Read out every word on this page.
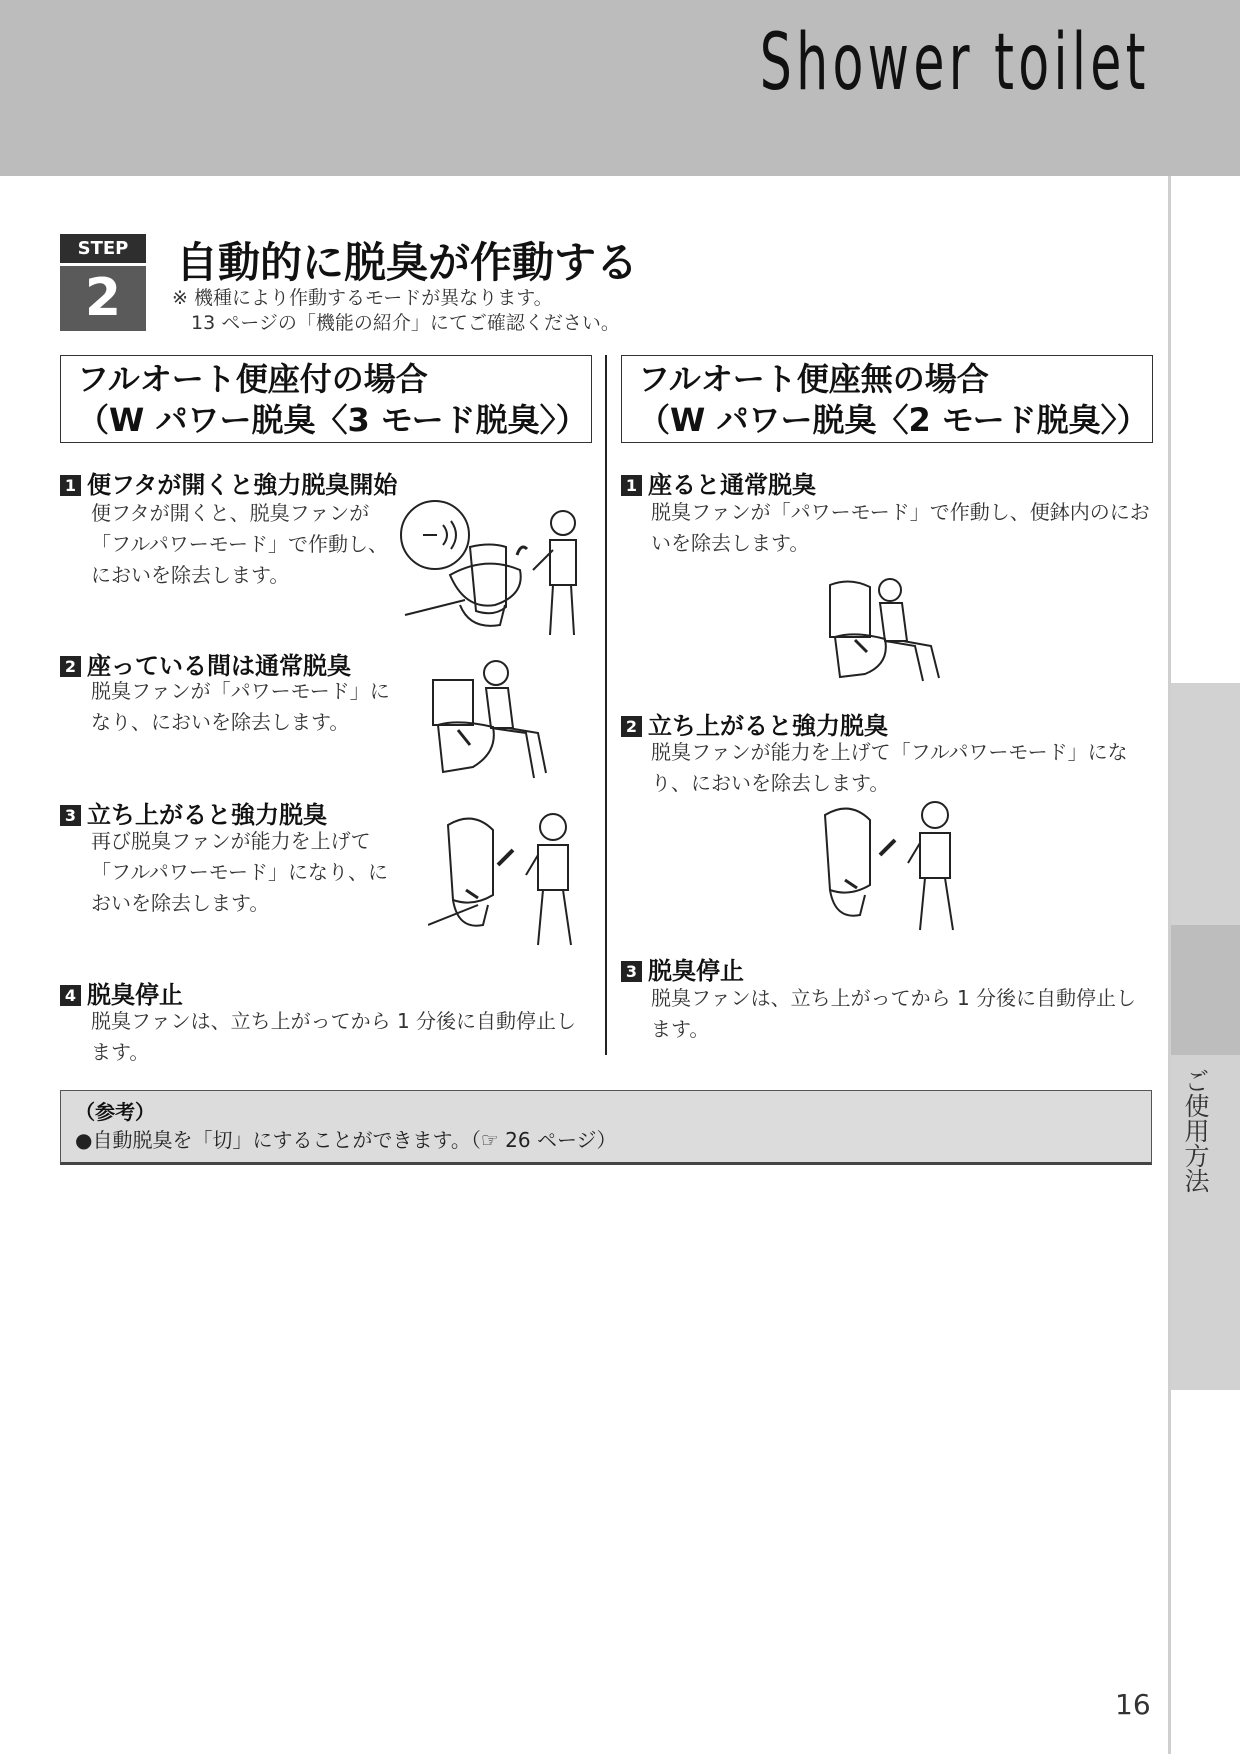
Shower toilet
ご使用方法
STEP
2
自動的に脱臭が作動する
※ 機種により作動するモードが異なります。
　13 ページの「機能の紹介」にてご確認ください。
フルオート便座付の場合
（W パワー脱臭〈3 モード脱臭〉）
1 便フタが開くと強力脱臭開始
便フタが開くと、脱臭ファンが「フルパワーモード」で作動し、においを除去します。
2 座っている間は通常脱臭
脱臭ファンが「パワーモード」になり、においを除去します。
3 立ち上がると強力脱臭
再び脱臭ファンが能力を上げて「フルパワーモード」になり、においを除去します。
4 脱臭停止
脱臭ファンは、立ち上がってから 1 分後に自動停止します。
フルオート便座無の場合
（W パワー脱臭〈2 モード脱臭〉）
1 座ると通常脱臭
脱臭ファンが「パワーモード」で作動し、便鉢内のにおいを除去します。
2 立ち上がると強力脱臭
脱臭ファンが能力を上げて「フルパワーモード」になり、においを除去します。
3 脱臭停止
脱臭ファンは、立ち上がってから 1 分後に自動停止します。
（参考）
●自動脱臭を「切」にすることができます。（☞ 26 ページ）
16
